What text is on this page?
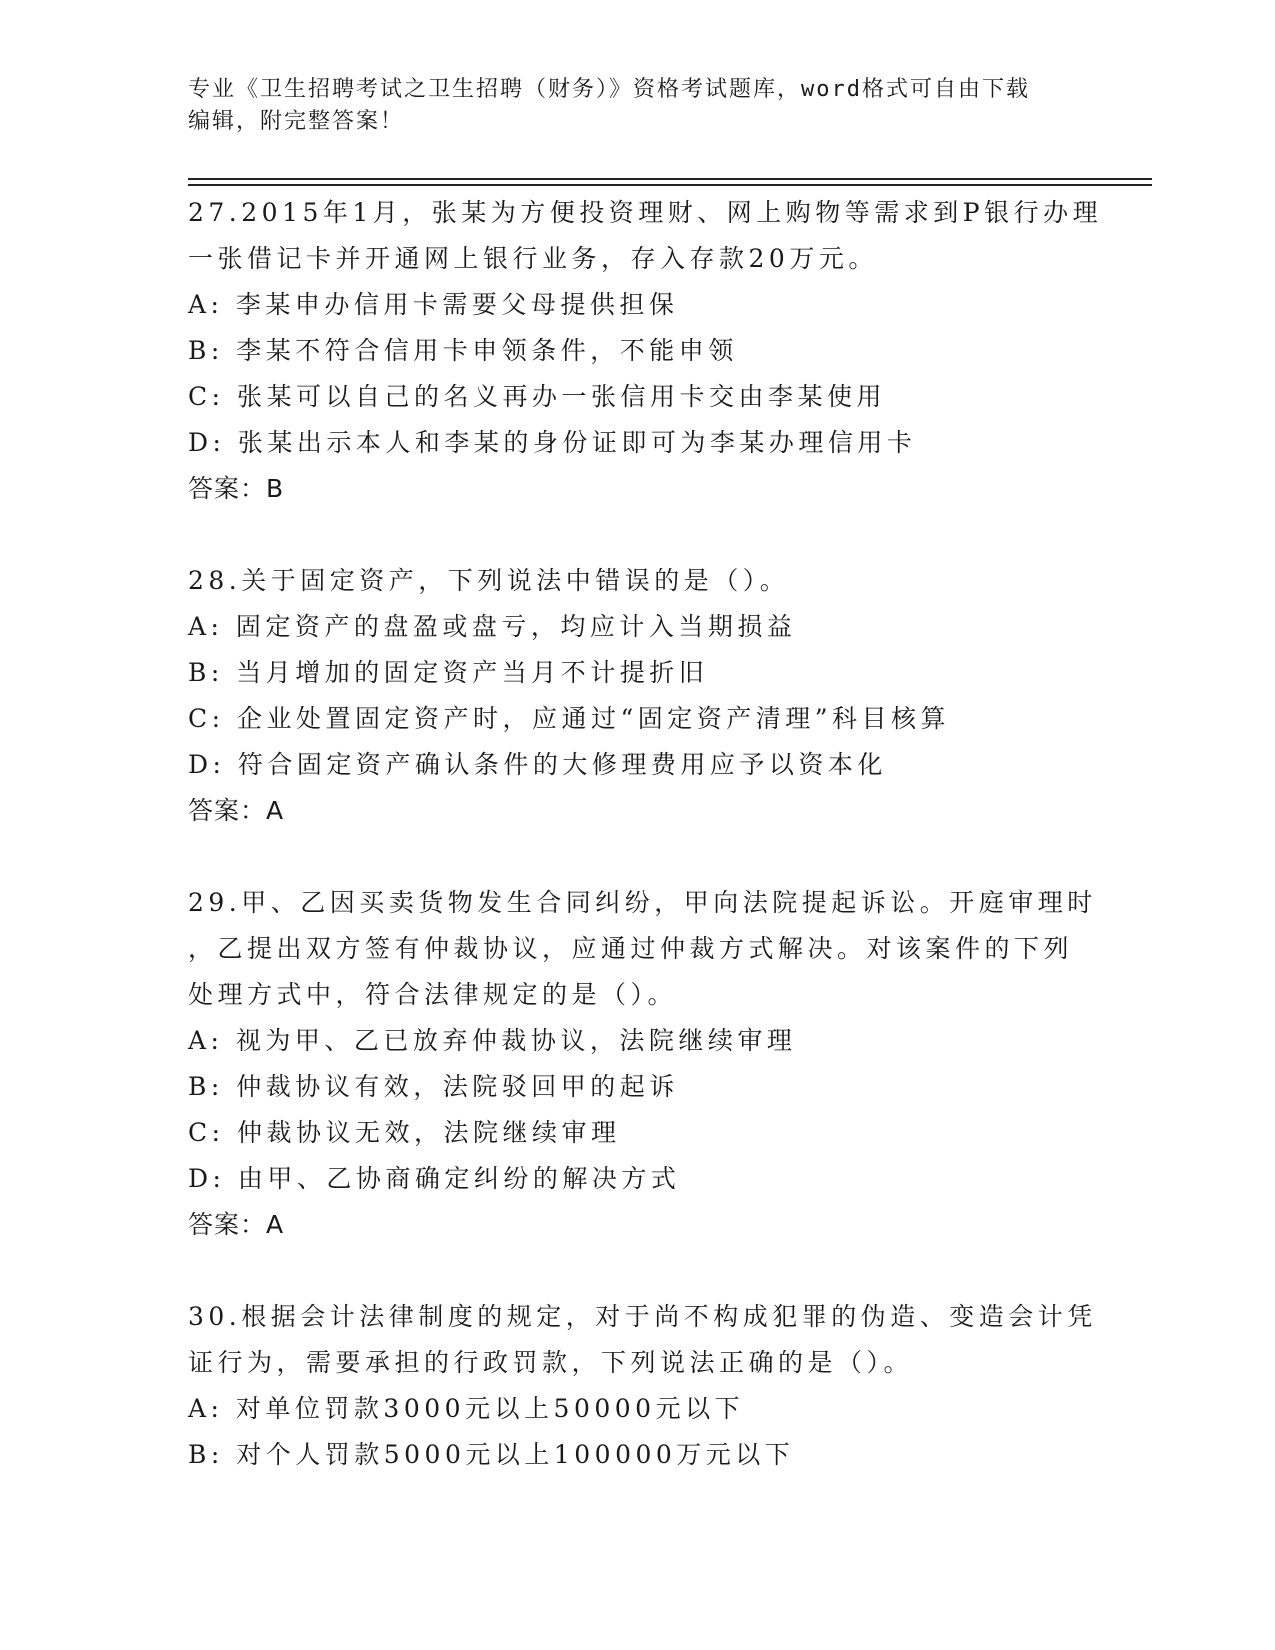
专业《卫生招聘考试之卫生招聘（财务）》资格考试题库，word格式可自由下载
编辑，附完整答案！
27.2015年1月，张某为方便投资理财、网上购物等需求到P银行办理
一张借记卡并开通网上银行业务，存入存款20万元。
A: 李某申办信用卡需要父母提供担保
B: 李某不符合信用卡申领条件，不能申领
C: 张某可以自己的名义再办一张信用卡交由李某使用
D: 张某出示本人和李某的身份证即可为李某办理信用卡
答案：B
28.关于固定资产，下列说法中错误的是（）。
A: 固定资产的盘盈或盘亏，均应计入当期损益
B: 当月增加的固定资产当月不计提折旧
C: 企业处置固定资产时，应通过“固定资产清理”科目核算
D: 符合固定资产确认条件的大修理费用应予以资本化
答案：A
29.甲、乙因买卖货物发生合同纠纷，甲向法院提起诉讼。开庭审理时
，乙提出双方签有仲裁协议，应通过仲裁方式解决。对该案件的下列
处理方式中，符合法律规定的是（）。
A: 视为甲、乙已放弃仲裁协议，法院继续审理
B: 仲裁协议有效，法院驳回甲的起诉
C: 仲裁协议无效，法院继续审理
D: 由甲、乙协商确定纠纷的解决方式
答案：A
30.根据会计法律制度的规定，对于尚不构成犯罪的伪造、变造会计凭
证行为，需要承担的行政罚款，下列说法正确的是（）。
A: 对单位罚款3000元以上50000元以下
B: 对个人罚款5000元以上100000万元以下
